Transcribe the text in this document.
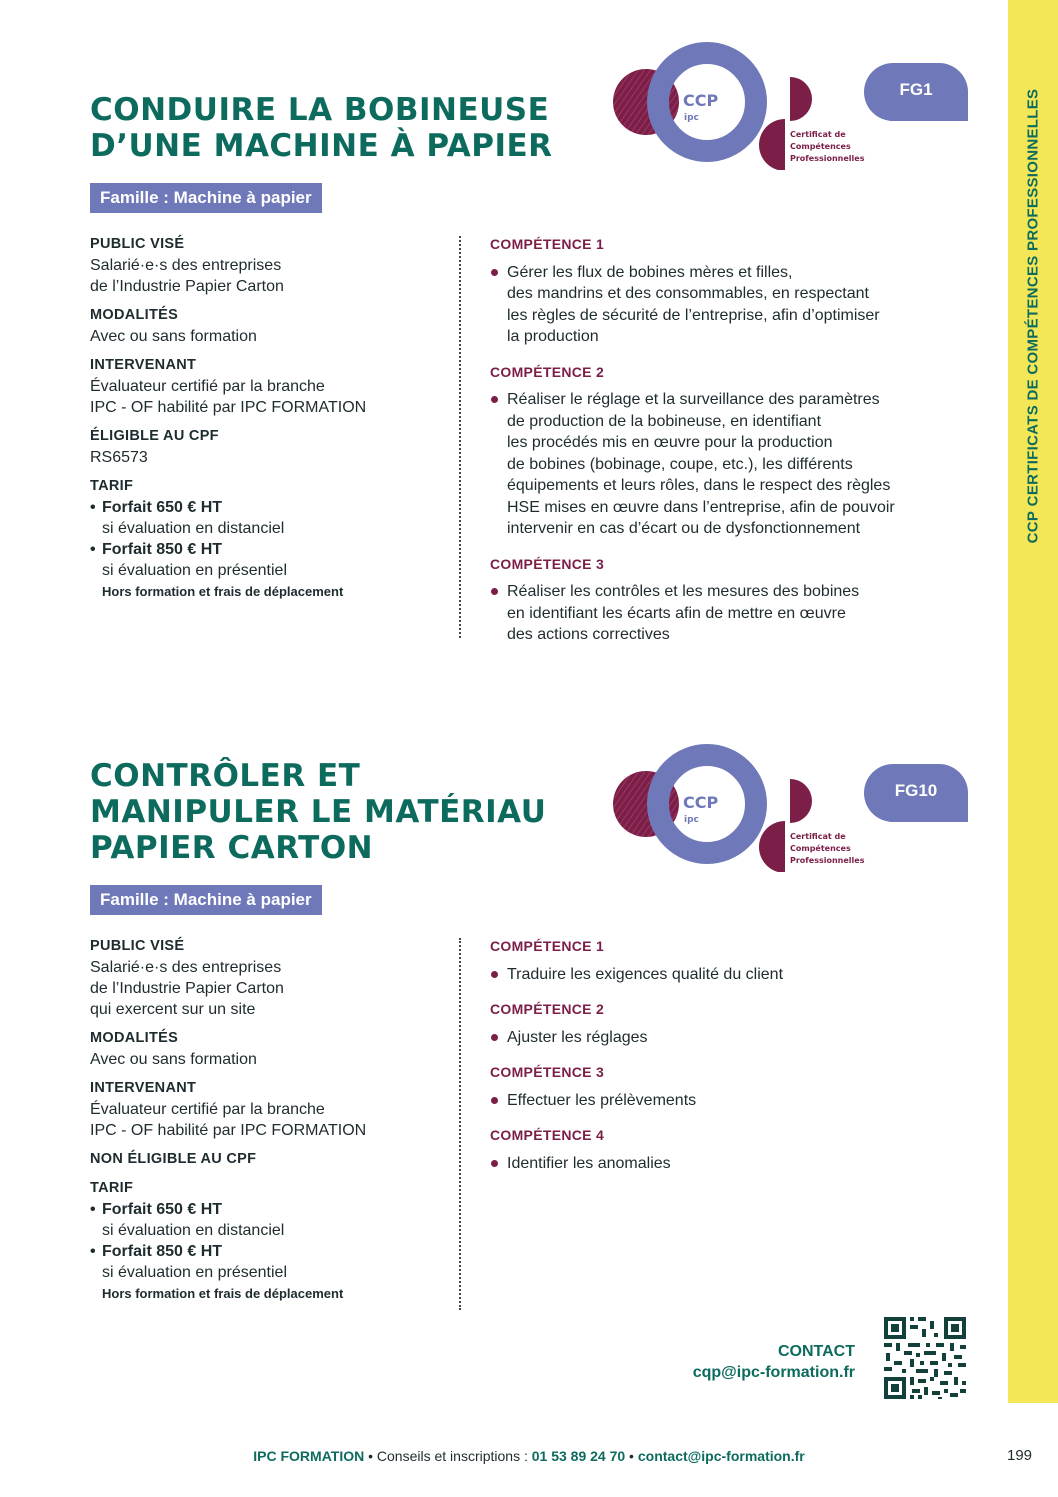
CCP CERTIFICATS DE COMPÉTENCES PROFESSIONNELLES
CONDUIRE LA BOBINEUSE
D’UNE MACHINE À PAPIER
CCP
ipc
Certificat de
Compétences
Professionnelles
FG1
Famille : Machine à papier
PUBLIC VISÉ
Salarié·e·s des entreprises
de l’Industrie Papier Carton
MODALITÉS
Avec ou sans formation
INTERVENANT
Évaluateur certifié par la branche
IPC - OF habilité par IPC FORMATION
ÉLIGIBLE AU CPF
RS6573
TARIF
• Forfait 650 € HT
si évaluation en distanciel
• Forfait 850 € HT
si évaluation en présentiel
Hors formation et frais de déplacement
COMPÉTENCE 1
Gérer les flux de bobines mères et filles,
des mandrins et des consommables, en respectant
les règles de sécurité de l’entreprise, afin d’optimiser
la production
COMPÉTENCE 2
Réaliser le réglage et la surveillance des paramètres
de production de la bobineuse, en identifiant
les procédés mis en œuvre pour la production
de bobines (bobinage, coupe, etc.), les différents
équipements et leurs rôles, dans le respect des règles
HSE mises en œuvre dans l’entreprise, afin de pouvoir
intervenir en cas d’écart ou de dysfonctionnement
COMPÉTENCE 3
Réaliser les contrôles et les mesures des bobines
en identifiant les écarts afin de mettre en œuvre
des actions correctives
CONTRÔLER ET
MANIPULER LE MATÉRIAU
PAPIER CARTON
CCP
ipc
Certificat de
Compétences
Professionnelles
FG10
Famille : Machine à papier
PUBLIC VISÉ
Salarié·e·s des entreprises
de l’Industrie Papier Carton
qui exercent sur un site
MODALITÉS
Avec ou sans formation
INTERVENANT
Évaluateur certifié par la branche
IPC - OF habilité par IPC FORMATION
NON ÉLIGIBLE AU CPF
TARIF
• Forfait 650 € HT
si évaluation en distanciel
• Forfait 850 € HT
si évaluation en présentiel
Hors formation et frais de déplacement
COMPÉTENCE 1
Traduire les exigences qualité du client
COMPÉTENCE 2
Ajuster les réglages
COMPÉTENCE 3
Effectuer les prélèvements
COMPÉTENCE 4
Identifier les anomalies
CONTACT
cqp@ipc-formation.fr
IPC FORMATION • Conseils et inscriptions : 01 53 89 24 70 • contact@ipc-formation.fr	199
